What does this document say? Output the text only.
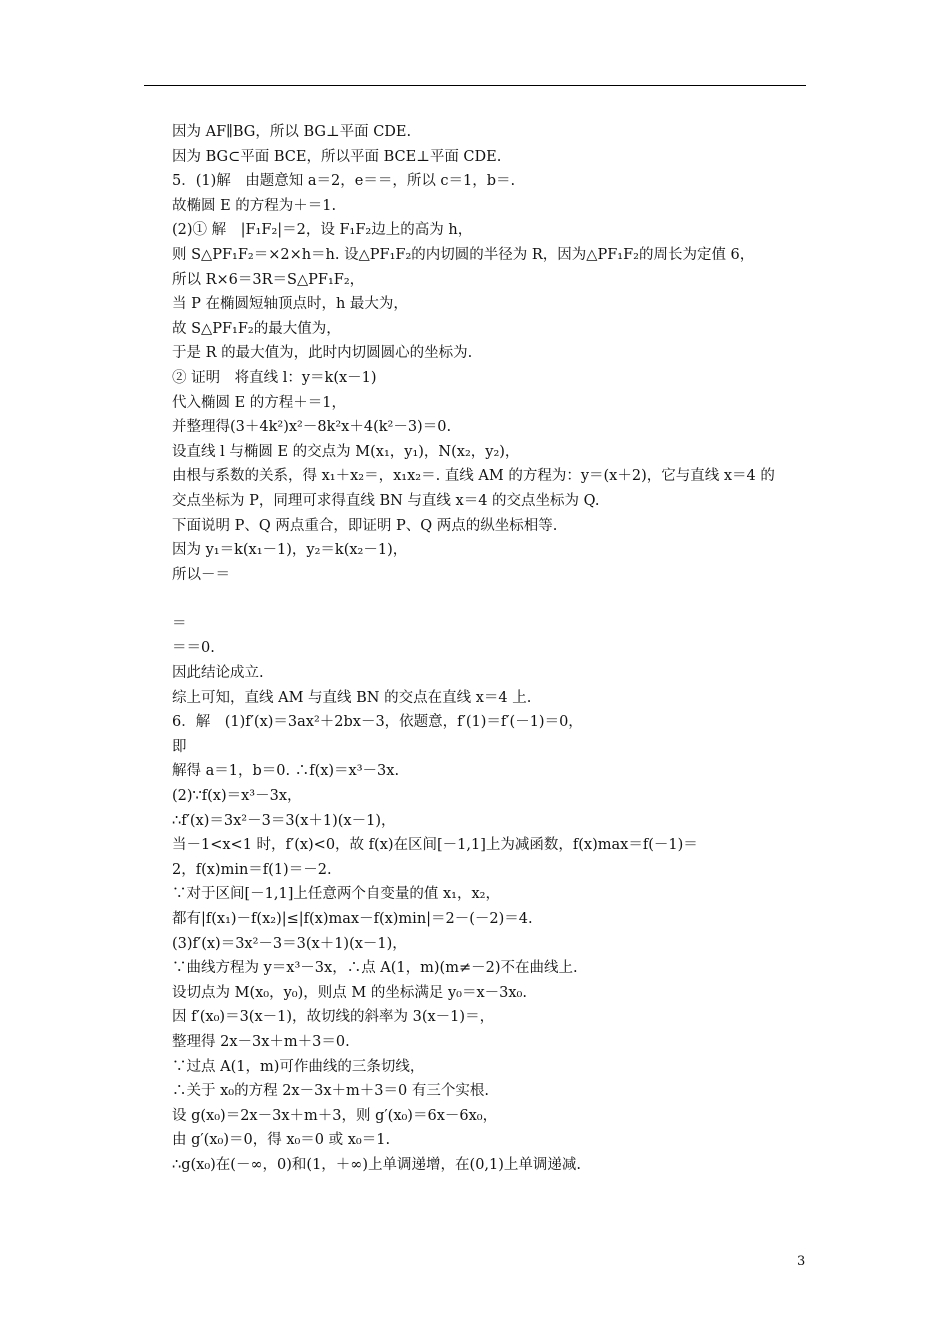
因为 AF∥BG，所以 BG⊥平面 CDE.
因为 BG⊂平面 BCE，所以平面 BCE⊥平面 CDE.
5．(1)解　由题意知 a＝2，e＝＝，所以 c＝1，b＝.
故椭圆 E 的方程为＋＝1.
(2)① 解　|F₁F₂|＝2，设 F₁F₂边上的高为 h，
则 S△PF₁F₂＝×2×h＝h. 设△PF₁F₂的内切圆的半径为 R，因为△PF₁F₂的周长为定值 6，
所以 R×6＝3R＝S△PF₁F₂，
当 P 在椭圆短轴顶点时，h 最大为，
故 S△PF₁F₂的最大值为，
于是 R 的最大值为，此时内切圆圆心的坐标为.
② 证明　将直线 l：y＝k(x－1)
代入椭圆 E 的方程＋＝1，
并整理得(3＋4k²)x²－8k²x＋4(k²－3)＝0.
设直线 l 与椭圆 E 的交点为 M(x₁，y₁)，N(x₂，y₂)，
由根与系数的关系，得 x₁＋x₂＝，x₁x₂＝. 直线 AM 的方程为：y＝(x＋2)，它与直线 x＝4 的
交点坐标为 P，同理可求得直线 BN 与直线 x＝4 的交点坐标为 Q.
下面说明 P、Q 两点重合，即证明 P、Q 两点的纵坐标相等.
因为 y₁＝k(x₁－1)，y₂＝k(x₂－1)，
所以－＝
＝
＝＝0.
因此结论成立.
综上可知，直线 AM 与直线 BN 的交点在直线 x＝4 上.
6．解　(1)f′(x)＝3ax²＋2bx－3，依题意，f′(1)＝f′(－1)＝0，
即
解得 a＝1，b＝0. ∴f(x)＝x³－3x.
(2)∵f(x)＝x³－3x，
∴f′(x)＝3x²－3＝3(x＋1)(x－1)，
当－1<x<1 时，f′(x)<0，故 f(x)在区间[－1,1]上为减函数，f(x)max＝f(－1)＝
2，f(x)min＝f(1)＝－2.
∵对于区间[－1,1]上任意两个自变量的值 x₁，x₂，
都有|f(x₁)－f(x₂)|≤|f(x)max－f(x)min|＝2－(－2)＝4.
(3)f′(x)＝3x²－3＝3(x＋1)(x－1)，
∵曲线方程为 y＝x³－3x，∴点 A(1，m)(m≠－2)不在曲线上.
设切点为 M(x₀，y₀)，则点 M 的坐标满足 y₀＝x－3x₀.
因 f′(x₀)＝3(x－1)，故切线的斜率为 3(x－1)＝，
整理得 2x－3x＋m＋3＝0.
∵过点 A(1，m)可作曲线的三条切线，
∴关于 x₀的方程 2x－3x＋m＋3＝0 有三个实根.
设 g(x₀)＝2x－3x＋m＋3，则 g′(x₀)＝6x－6x₀，
由 g′(x₀)＝0，得 x₀＝0 或 x₀＝1.
∴g(x₀)在(－∞，0)和(1，＋∞)上单调递增，在(0,1)上单调递减.
3
